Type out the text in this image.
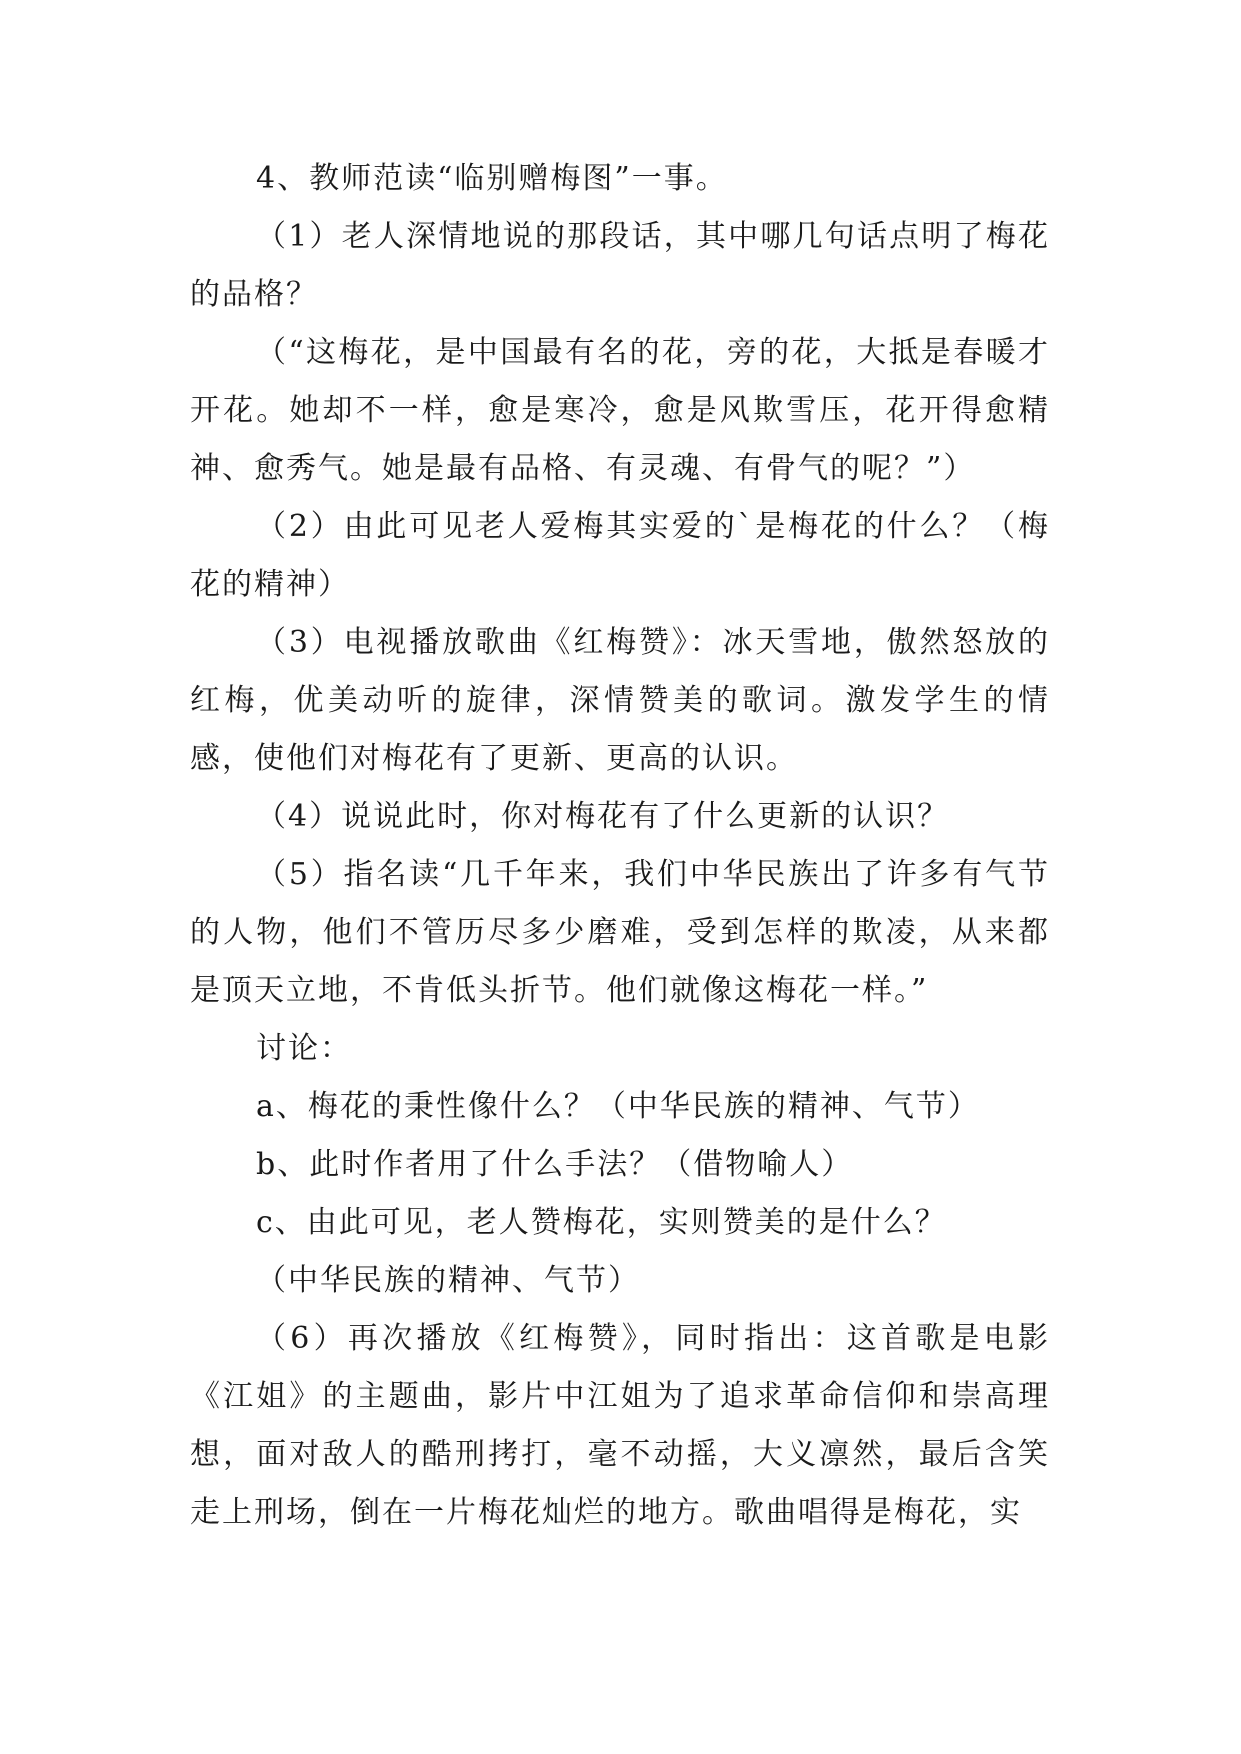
4、教师范读“临别赠梅图”一事。

（1）老人深情地说的那段话，其中哪几句话点明了梅花的品格？

（“这梅花，是中国最有名的花，旁的花，大抵是春暖才开花。她却不一样，愈是寒冷，愈是风欺雪压，花开得愈精神、愈秀气。她是最有品格、有灵魂、有骨气的呢？”）

（2）由此可见老人爱梅其实爱的`是梅花的什么？（梅花的精神）

（3）电视播放歌曲《红梅赞》：冰天雪地，傲然怒放的红梅，优美动听的旋律，深情赞美的歌词。激发学生的情感，使他们对梅花有了更新、更高的认识。

（4）说说此时，你对梅花有了什么更新的认识？

（5）指名读“几千年来，我们中华民族出了许多有气节的人物，他们不管历尽多少磨难，受到怎样的欺凌，从来都是顶天立地，不肯低头折节。他们就像这梅花一样。”

讨论：

a、梅花的秉性像什么？（中华民族的精神、气节）

b、此时作者用了什么手法？（借物喻人）

c、由此可见，老人赞梅花，实则赞美的是什么？

（中华民族的精神、气节）

（6）再次播放《红梅赞》，同时指出：这首歌是电影《江姐》的主题曲，影片中江姐为了追求革命信仰和崇高理想，面对敌人的酷刑拷打，毫不动摇，大义凛然，最后含笑走上刑场，倒在一片梅花灿烂的地方。歌曲唱得是梅花，实
